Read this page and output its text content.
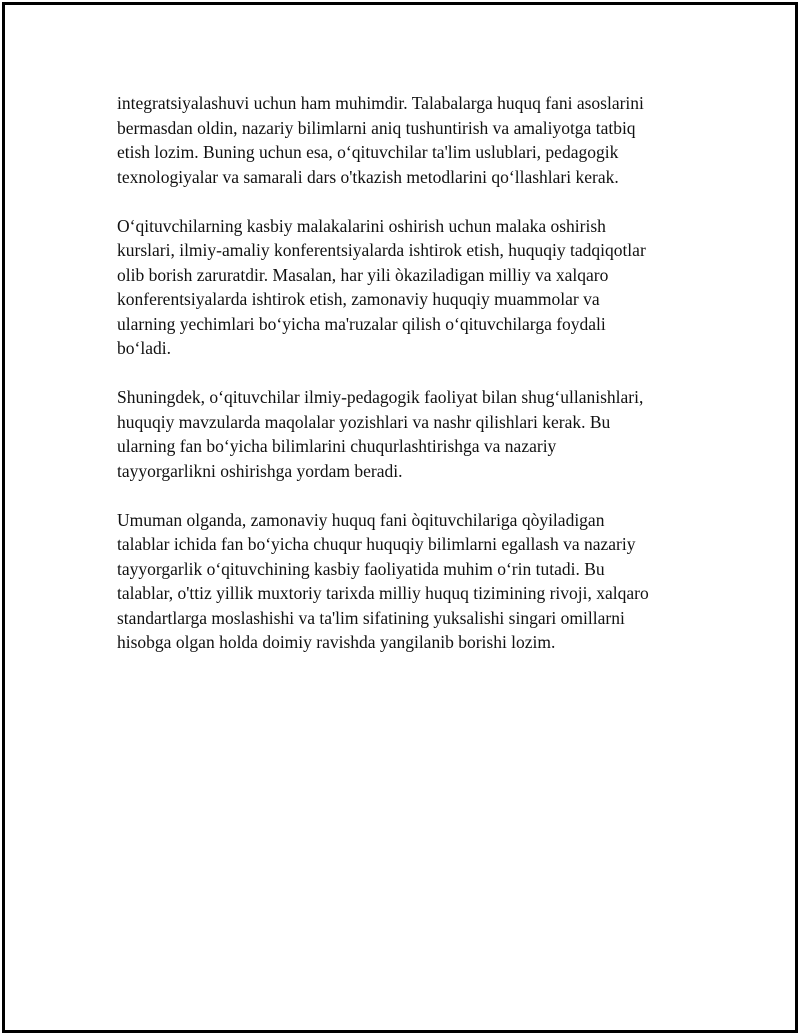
integratsiyalashuvi uchun ham muhimdir. Talabalarga huquq fani asoslarini
bermasdan oldin, nazariy bilimlarni aniq tushuntirish va amaliyotga tatbiq
etish lozim. Buning uchun esa, oʻqituvchilar ta'lim uslublari, pedagogik
texnologiyalar va samarali dars o'tkazish metodlarini qoʻllashlari kerak.

Oʻqituvchilarning kasbiy malakalarini oshirish uchun malaka oshirish
kurslari, ilmiy-amaliy konferentsiyalarda ishtirok etish, huquqiy tadqiqotlar
olib borish zaruratdir. Masalan, har yili òkaziladigan milliy va xalqaro
konferentsiyalarda ishtirok etish, zamonaviy huquqiy muammolar va
ularning yechimlari boʻyicha ma'ruzalar qilish oʻqituvchilarga foydali
boʻladi.

Shuningdek, oʻqituvchilar ilmiy-pedagogik faoliyat bilan shugʻullanishlari,
huquqiy mavzularda maqolalar yozishlari va nashr qilishlari kerak. Bu
ularning fan boʻyicha bilimlarini chuqurlashtirishga va nazariy
tayyorgarlikni oshirishga yordam beradi.

Umuman olganda, zamonaviy huquq fani òqituvchilariga qòyiladigan
talablar ichida fan boʻyicha chuqur huquqiy bilimlarni egallash va nazariy
tayyorgarlik oʻqituvchining kasbiy faoliyatida muhim oʻrin tutadi. Bu
talablar, o'ttiz yillik muxtoriy tarixda milliy huquq tizimining rivoji, xalqaro
standartlarga moslashishi va ta'lim sifatining yuksalishi singari omillarni
hisobga olgan holda doimiy ravishda yangilanib borishi lozim.
